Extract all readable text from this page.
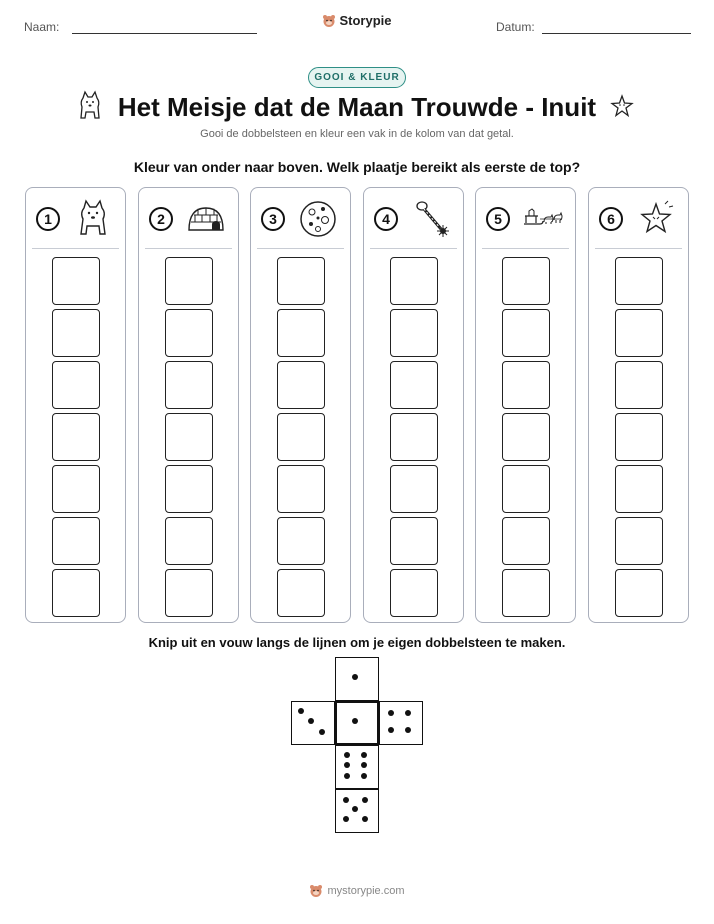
Naam:	Storypie	Datum:
GOOI & KLEUR
Het Meisje dat de Maan Trouwde - Inuit
Gooi de dobbelsteen en kleur een vak in de kolom van dat getal.
Kleur van onder naar boven. Welk plaatje bereikt als eerste de top?
1	2	3	4	5	6
Knip uit en vouw langs de lijnen om je eigen dobbelsteen te maken.
mystorypie.com
